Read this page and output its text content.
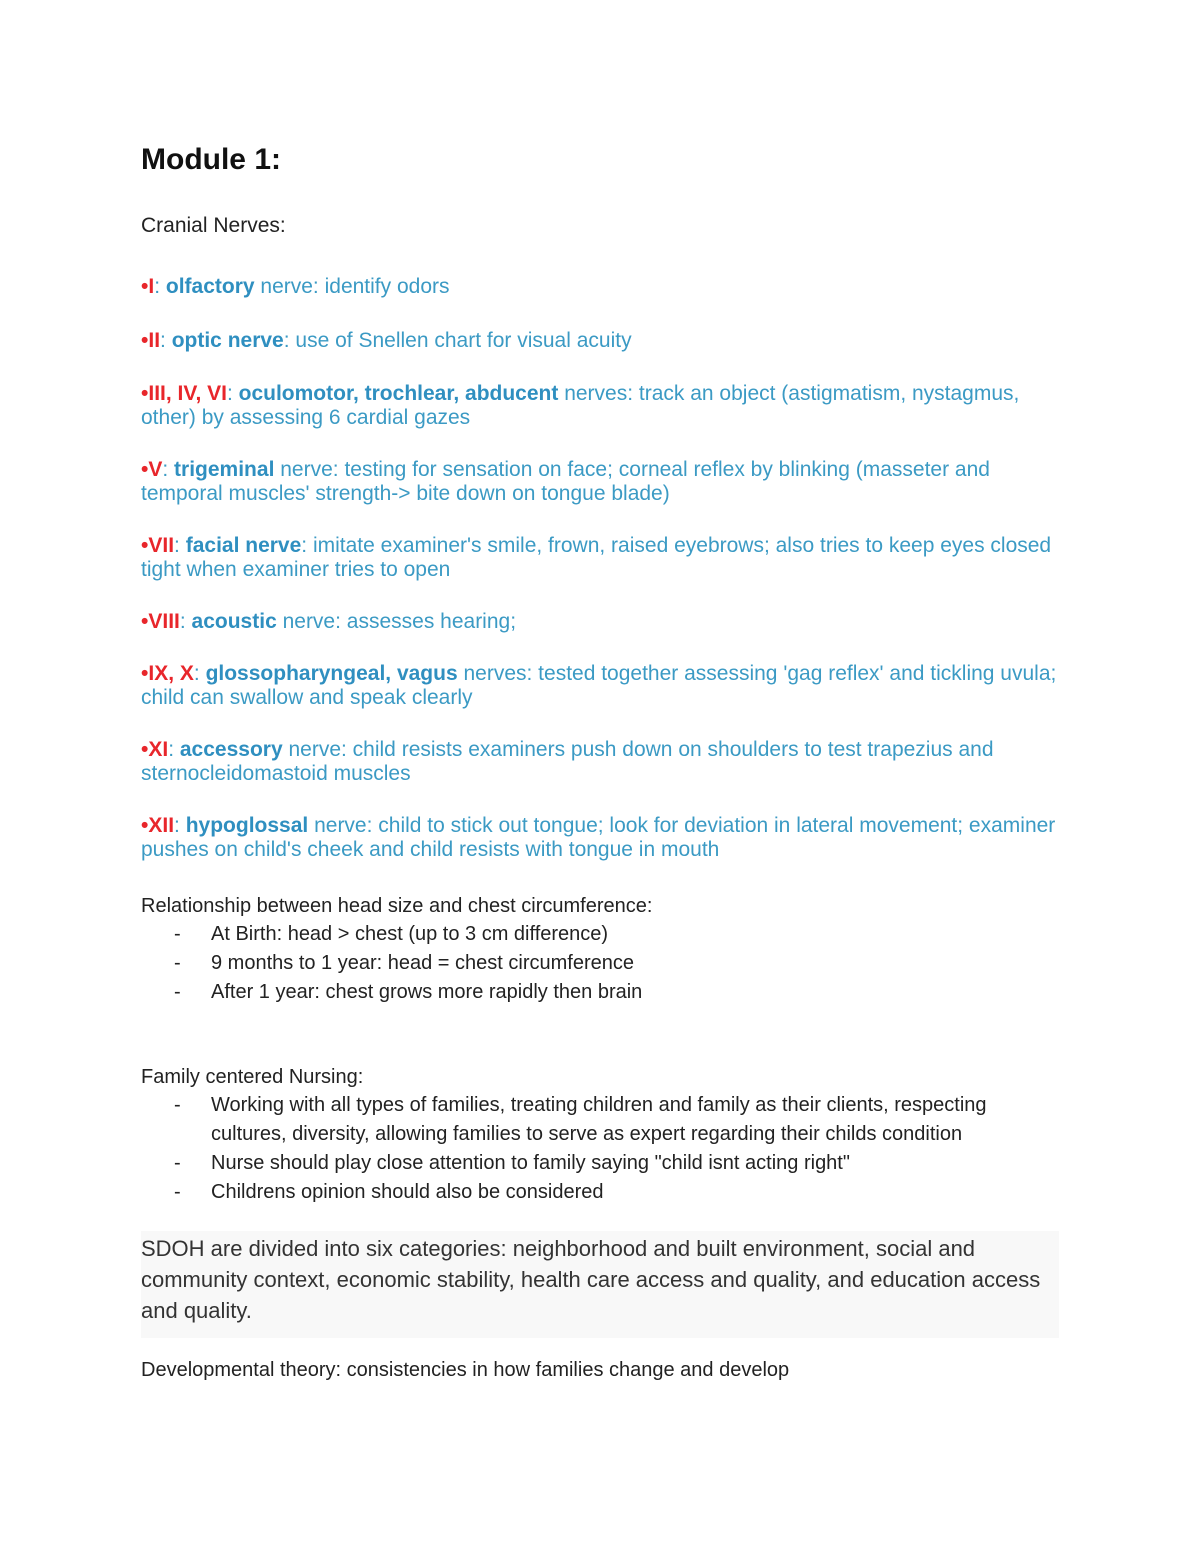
Module 1:

Cranial Nerves:

•I: olfactory nerve: identify odors

•II: optic nerve: use of Snellen chart for visual acuity

•III, IV, VI: oculomotor, trochlear, abducent nerves: track an object (astigmatism, nystagmus, other) by assessing 6 cardial gazes

•V: trigeminal nerve: testing for sensation on face; corneal reflex by blinking (masseter and temporal muscles' strength-> bite down on tongue blade)

•VII: facial nerve: imitate examiner's smile, frown, raised eyebrows; also tries to keep eyes closed tight when examiner tries to open

•VIII: acoustic nerve: assesses hearing;

•IX, X: glossopharyngeal, vagus nerves: tested together assessing 'gag reflex' and tickling uvula; child can swallow and speak clearly

•XI: accessory nerve: child resists examiners push down on shoulders to test trapezius and sternocleidomastoid muscles

•XII: hypoglossal nerve: child to stick out tongue; look for deviation in lateral movement; examiner pushes on child's cheek and child resists with tongue in mouth

Relationship between head size and chest circumference:

- At Birth: head > chest (up to 3 cm difference)
- 9 months to 1 year: head = chest circumference
- After 1 year: chest grows more rapidly then brain

Family centered Nursing:

- Working with all types of families, treating children and family as their clients, respecting cultures, diversity, allowing families to serve as expert regarding their childs condition
- Nurse should play close attention to family saying "child isnt acting right"
- Childrens opinion should also be considered
SDOH are divided into six categories: neighborhood and built environment, social and community context, economic stability, health care access and quality, and education access and quality.

Developmental theory: consistencies in how families change and develop
